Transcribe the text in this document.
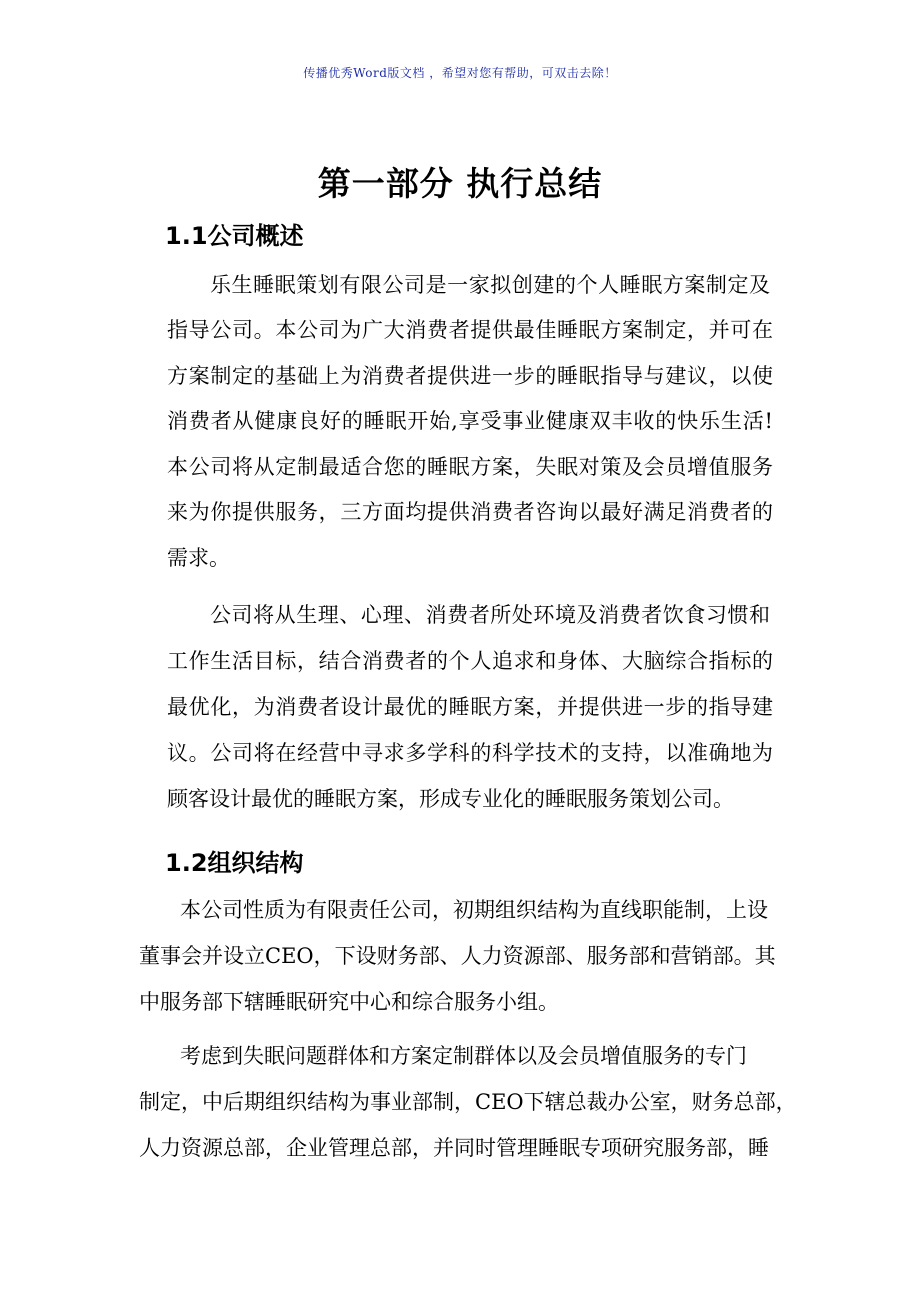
传播优秀Word版文档 ，希望对您有帮助，可双击去除！
第一部分 执行总结
1.1公司概述

乐生睡眠策划有限公司是一家拟创建的个人睡眠方案制定及

指导公司。本公司为广大消费者提供最佳睡眠方案制定，并可在

方案制定的基础上为消费者提供进一步的睡眠指导与建议，以使

消费者从健康良好的睡眠开始,享受事业健康双丰收的快乐生活!

本公司将从定制最适合您的睡眠方案，失眠对策及会员增值服务

来为你提供服务，三方面均提供消费者咨询以最好满足消费者的

需求。

公司将从生理、心理、消费者所处环境及消费者饮食习惯和

工作生活目标，结合消费者的个人追求和身体、大脑综合指标的

最优化，为消费者设计最优的睡眠方案，并提供进一步的指导建

议。公司将在经营中寻求多学科的科学技术的支持，以准确地为

顾客设计最优的睡眠方案，形成专业化的睡眠服务策划公司。

1.2组织结构

本公司性质为有限责任公司，初期组织结构为直线职能制，上设

董事会并设立CEO，下设财务部、人力资源部、服务部和营销部。其

中服务部下辖睡眠研究中心和综合服务小组。

考虑到失眠问题群体和方案定制群体以及会员增值服务的专门

制定，中后期组织结构为事业部制，CEO下辖总裁办公室，财务总部，

人力资源总部，企业管理总部，并同时管理睡眠专项研究服务部，睡
